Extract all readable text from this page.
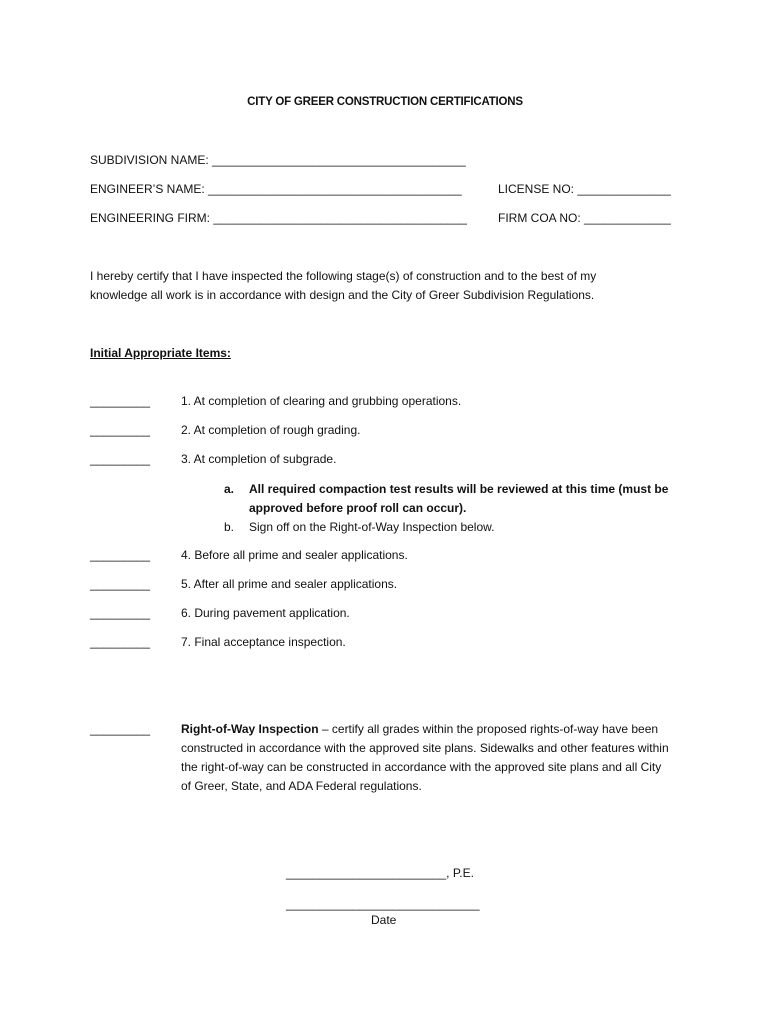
CITY OF GREER CONSTRUCTION CERTIFICATIONS
SUBDIVISION NAME: ______________________________________
ENGINEER’S NAME: ______________________________________	LICENSE NO: ______________
ENGINEERING FIRM: ______________________________________	FIRM COA NO: _____________
I hereby certify that I have inspected the following stage(s) of construction and to the best of my knowledge all work is in accordance with design and the City of Greer Subdivision Regulations.
Initial Appropriate Items:
_________	1. At completion of clearing and grubbing operations.
_________	2. At completion of rough grading.
_________	3. At completion of subgrade.
a.	All required compaction test results will be reviewed at this time (must be approved before proof roll can occur).
b.	Sign off on the Right-of-Way Inspection below.
_________	4. Before all prime and sealer applications.
_________	5. After all prime and sealer applications.
_________	6. During pavement application.
_________	7. Final acceptance inspection.
_________	Right-of-Way Inspection – certify all grades within the proposed rights-of-way have been constructed in accordance with the approved site plans. Sidewalks and other features within the right-of-way can be constructed in accordance with the approved site plans and all City of Greer, State, and ADA Federal regulations.
________________________, P.E.
_____________________________
Date
